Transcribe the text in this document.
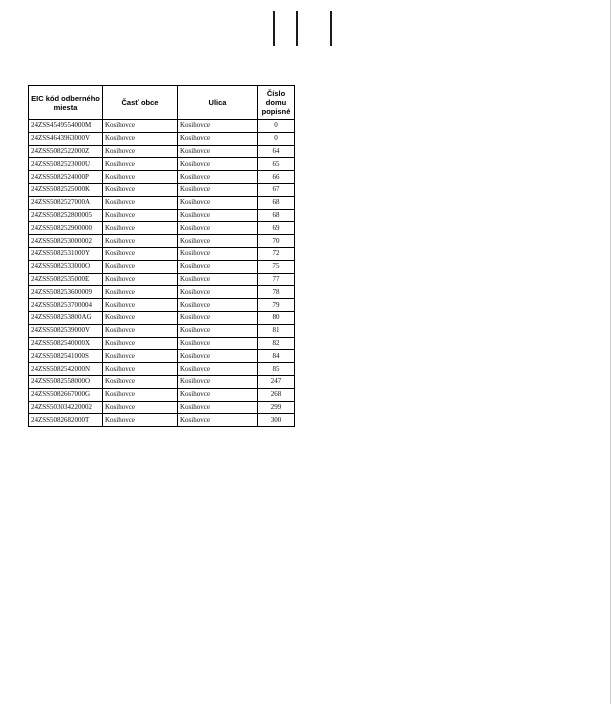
EIC kód odberného miesta	Časť obce	Ulica	Číslo domu popisné
24ZSS4549554000M	Kosihovce	Kosihovce	0
24ZSS4643963000V	Kosihovce	Kosihovce	0
24ZSS5082522000Z	Kosihovce	Kosihovce	64
24ZSS5082523000U	Kosihovce	Kosihovce	65
24ZSS5082524000P	Kosihovce	Kosihovce	66
24ZSS5082525000K	Kosihovce	Kosihovce	67
24ZSS5082527000A	Kosihovce	Kosihovce	68
24ZSS508252800005	Kosihovce	Kosihovce	68
24ZSS508252900000	Kosihovce	Kosihovce	69
24ZSS508253000002	Kosihovce	Kosihovce	70
24ZSS5082531000Y	Kosihovce	Kosihovce	72
24ZSS5082533000O	Kosihovce	Kosihovce	75
24ZSS5082535000E	Kosihovce	Kosihovce	77
24ZSS508253600009	Kosihovce	Kosihovce	78
24ZSS508253700004	Kosihovce	Kosihovce	79
24ZSS508253800AG	Kosihovce	Kosihovce	80
24ZSS5082539000V	Kosihovce	Kosihovce	81
24ZSS5082540000X	Kosihovce	Kosihovce	82
24ZSS5082541000S	Kosihovce	Kosihovce	84
24ZSS5082542000N	Kosihovce	Kosihovce	85
24ZSS5082558000O	Kosihovce	Kosihovce	247
24ZSS5082667000G	Kosihovce	Kosihovce	268
24ZSS503034220002	Kosihovce	Kosihovce	299
24ZSS5082682000T	Kosihovce	Kosihovce	300
